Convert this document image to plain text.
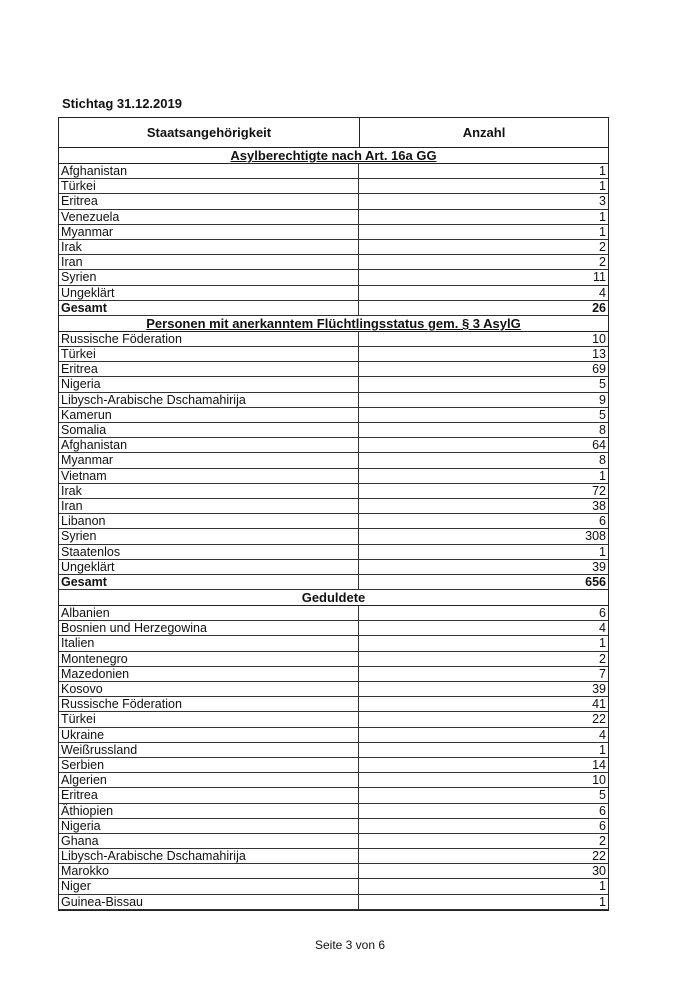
Stichtag 31.12.2019
Staatsangehörigkeit	Anzahl
Asylberechtigte nach Art. 16a GG
Afghanistan	1
Türkei	1
Eritrea	3
Venezuela	1
Myanmar	1
Irak	2
Iran	2
Syrien	11
Ungeklärt	4
Gesamt	26
Personen mit anerkanntem Flüchtlingsstatus gem. § 3 AsylG
Russische Föderation	10
Türkei	13
Eritrea	69
Nigeria	5
Libysch-Arabische Dschamahirija	9
Kamerun	5
Somalia	8
Afghanistan	64
Myanmar	8
Vietnam	1
Irak	72
Iran	38
Libanon	6
Syrien	308
Staatenlos	1
Ungeklärt	39
Gesamt	656
Geduldete
Albanien	6
Bosnien und Herzegowina	4
Italien	1
Montenegro	2
Mazedonien	7
Kosovo	39
Russische Föderation	41
Türkei	22
Ukraine	4
Weißrussland	1
Serbien	14
Algerien	10
Eritrea	5
Äthiopien	6
Nigeria	6
Ghana	2
Libysch-Arabische Dschamahirija	22
Marokko	30
Niger	1
Guinea-Bissau	1
Seite 3 von 6
